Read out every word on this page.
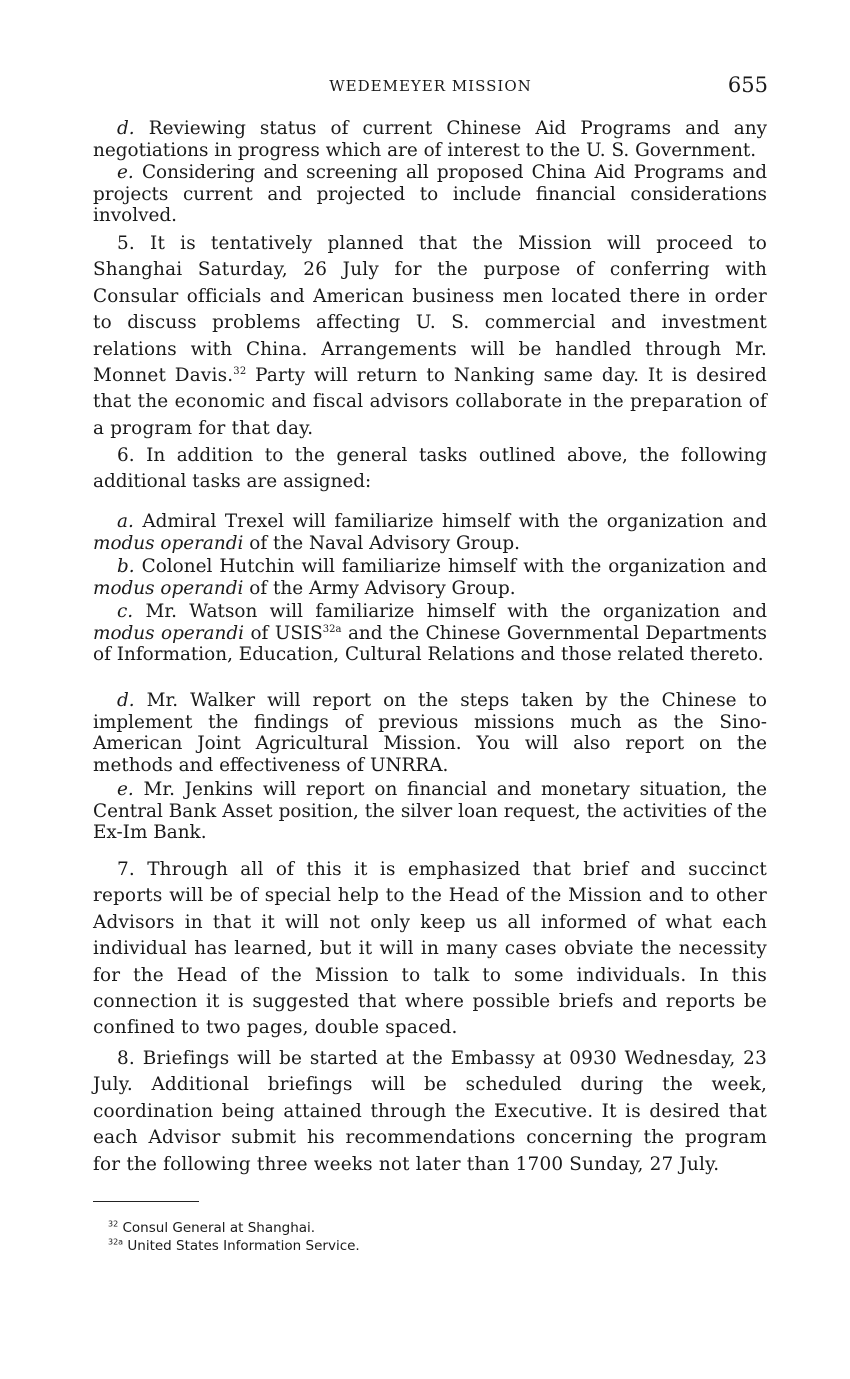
WEDEMEYER MISSION	655

d. Reviewing status of current Chinese Aid Programs and any negotiations in progress which are of interest to the U. S. Government.

e. Considering and screening all proposed China Aid Programs and projects current and projected to include financial considerations involved.

5. It is tentatively planned that the Mission will proceed to Shanghai Saturday, 26 July for the purpose of conferring with Consular officials and American business men located there in order to discuss problems affecting U. S. commercial and investment relations with China. Arrangements will be handled through Mr. Monnet Davis.$^{32}$ Party will return to Nanking same day. It is desired that the economic and fiscal advisors collaborate in the preparation of a program for that day.

6. In addition to the general tasks outlined above, the following additional tasks are assigned:

a. Admiral Trexel will familiarize himself with the organization and modus operandi of the Naval Advisory Group.

b. Colonel Hutchin will familiarize himself with the organization and modus operandi of the Army Advisory Group.

c. Mr. Watson will familiarize himself with the organization and modus operandi of $USIS^{32a}$ and the Chinese Governmental Departments of Information, Education, Cultural Relations and those related thereto.

d. Mr. Walker will report on the steps taken by the Chinese to implement the findings of previous missions much as the Sino-American Joint Agricultural Mission. You will also report on the methods and effectiveness of UNRRA.

e. Mr. Jenkins will report on financial and monetary situation, the Central Bank Asset position, the silver loan request, the activities of the Ex-Im Bank.

7. Through all of this it is emphasized that brief and succinct reports will be of special help to the Head of the Mission and to other Advisors in that it will not only keep us all informed of what each individual has learned, but it will in many cases obviate the necessity for the Head of the Mission to talk to some individuals. In this connection it is suggested that where possible briefs and reports be confined to two pages, double spaced.

8. Briefings will be started at the Embassy at 0930 Wednesday, 23 July. Additional briefings will be scheduled during the week, coordination being attained through the Executive. It is desired that each Advisor submit his recommendations concerning the program for the following three weeks not later than 1700 Sunday, 27 July.

$^{32}$ Consul General at Shanghai.
$^{32a}$ United States Information Service.
